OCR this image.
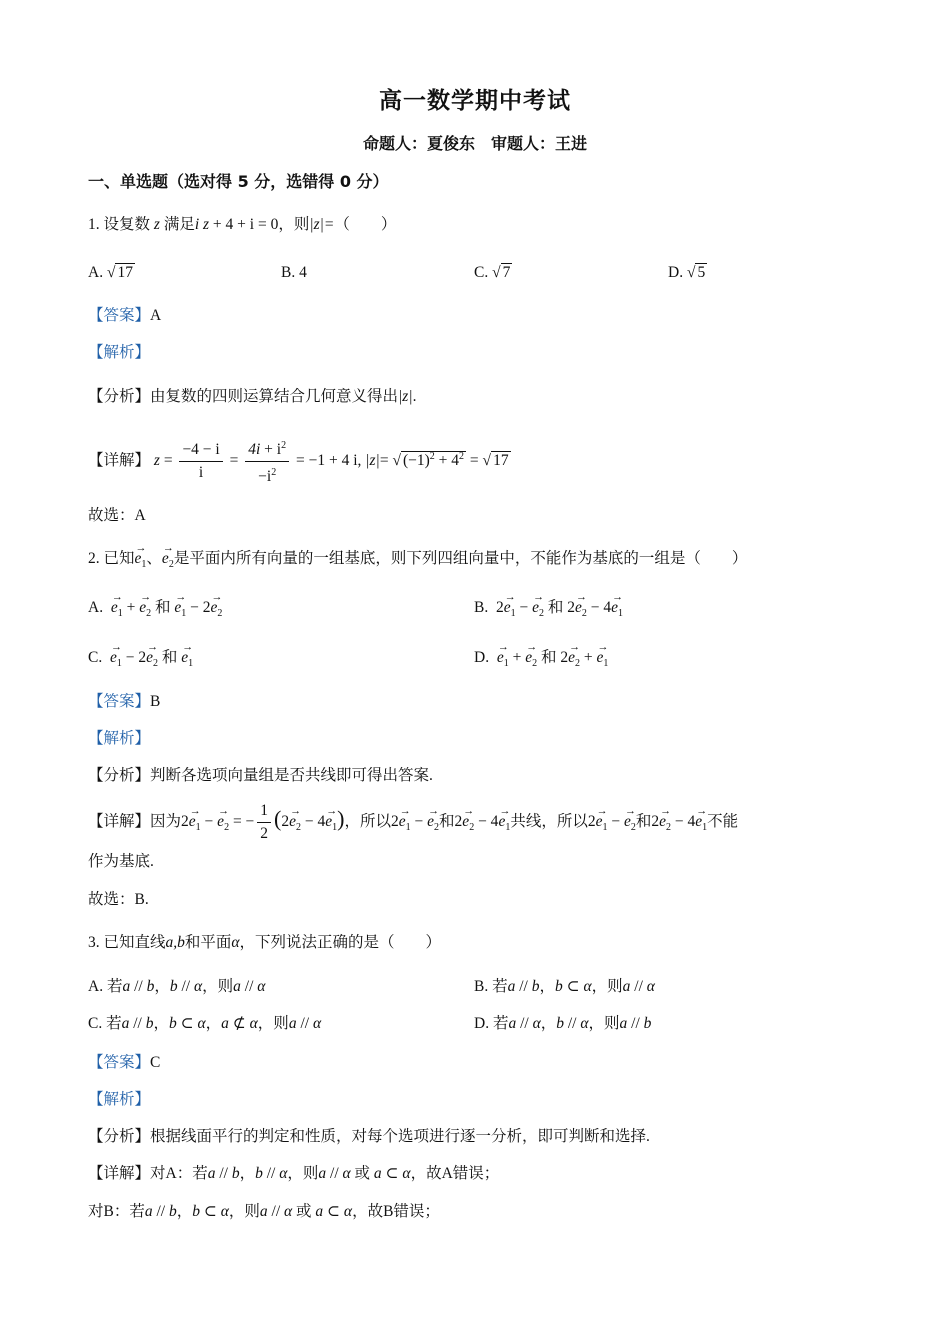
高一数学期中考试
命题人：夏俊东 审题人：王进
一、单选题（选对得 5 分，选错得 0 分）
1. 设复数 z 满足i z + 4 + i = 0，则|z|=（　　）
A. √ 17	B. 4	C. √ 7	D. √ 5
【答案】A
【解析】
【分析】由复数的四则运算结合几何意义得出|z|.
【详解】 $z = \frac{-4 - i}{i} = \frac{4i + i^2}{-i^2} = -1 + 4$ i, |z|= √ $(-1)^2 + 4^2$ = √ 17
故选：A
2. 已知→ $e_1$、→ $e_2$是平面内所有向量的一组基底，则下列四组向量中，不能作为基底的一组是（　　）
A. → $e_1$ + → $e_2$ 和 → $e_1 - 2\to e_2$	B.  $2\to e_1$ − → $e_2$ 和 $2\to e_2 - 4\to e_1$
C. → $e_1 - 2\to e_2$ 和 → $e_1$	D. → $e_1$ + → $e_2$ 和 $2\to e_2$ + → $e_1$
【答案】B
【解析】
【分析】判断各选项向量组是否共线即可得出答案.
【详解】因为$2\to e_1$ − → $e_2$ = − $\frac{1}{2} (2\to e_2 - 4\to e_1)$，所以$2\to e_1$ − → $e_2$和$2\to e_2 - 4\to e_1$共线，所以$2\to e_1$ − → $e_2$和$2\to e_2 - 4\to e_1$不能
作为基底.
故选：B.
3. 已知直线a,b和平面α，下列说法正确的是（　　）
A. 若a // b，b // α，则a // α	B. 若a // b，b ⊂ α，则a // α
C. 若a // b，b ⊂ α，a ⊄ α，则a // α	D. 若a // α，b // α，则a // b
【答案】C
【解析】
【分析】根据线面平行的判定和性质，对每个选项进行逐一分析，即可判断和选择.
【详解】对A：若a // b，b // α，则a // α 或 a ⊂ α，故A错误；
对B：若a // b，b ⊂ α，则a // α 或 a ⊂ α，故B错误；
